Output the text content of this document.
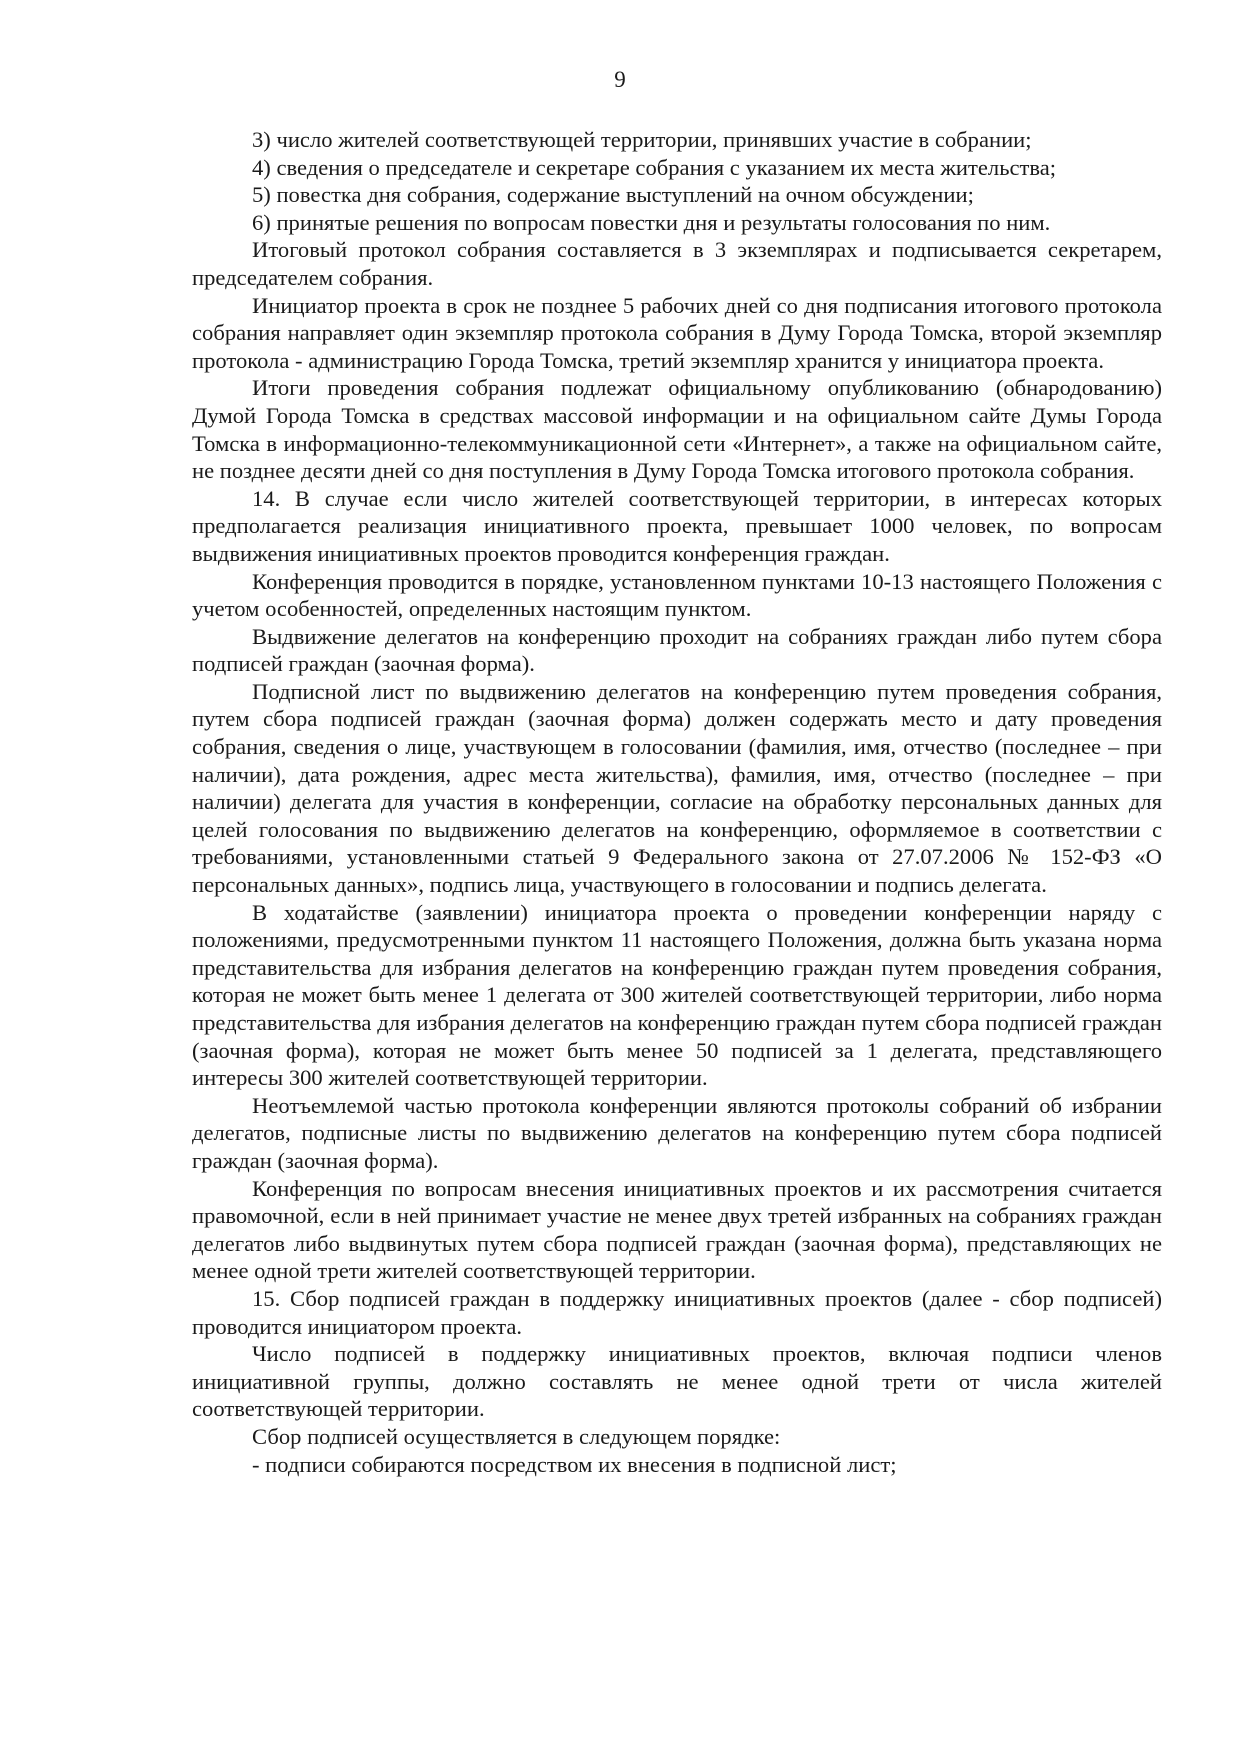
9

3) число жителей соответствующей территории, принявших участие в собрании;

4) сведения о председателе и секретаре собрания с указанием их места жительства;

5) повестка дня собрания, содержание выступлений на очном обсуждении;

6) принятые решения по вопросам повестки дня и результаты голосования по ним.

Итоговый протокол собрания составляется в 3 экземплярах и подписывается секретарем, председателем собрания.

Инициатор проекта в срок не позднее 5 рабочих дней со дня подписания итогового протокола собрания направляет один экземпляр протокола собрания в Думу Города Томска, второй экземпляр протокола - администрацию Города Томска, третий экземпляр хранится у инициатора проекта.

Итоги проведения собрания подлежат официальному опубликованию (обнародованию) Думой Города Томска в средствах массовой информации и на официальном сайте Думы Города Томска в информационно-телекоммуникационной сети «Интернет», а также на официальном сайте, не позднее десяти дней со дня поступления в Думу Города Томска итогового протокола собрания.

14. В случае если число жителей соответствующей территории, в интересах которых предполагается реализация инициативного проекта, превышает 1000 человек, по вопросам выдвижения инициативных проектов проводится конференция граждан.

Конференция проводится в порядке, установленном пунктами 10-13 настоящего Положения с учетом особенностей, определенных настоящим пунктом.

Выдвижение делегатов на конференцию проходит на собраниях граждан либо путем сбора подписей граждан (заочная форма).

Подписной лист по выдвижению делегатов на конференцию путем проведения собрания, путем сбора подписей граждан (заочная форма) должен содержать место и дату проведения собрания, сведения о лице, участвующем в голосовании (фамилия, имя, отчество (последнее – при наличии), дата рождения, адрес места жительства), фамилия, имя, отчество (последнее – при наличии) делегата для участия в конференции, согласие на обработку персональных данных для целей голосования по выдвижению делегатов на конференцию, оформляемое в соответствии с требованиями, установленными статьей 9 Федерального закона от 27.07.2006 № 152-ФЗ «О персональных данных», подпись лица, участвующего в голосовании и подпись делегата.

В ходатайстве (заявлении) инициатора проекта о проведении конференции наряду с положениями, предусмотренными пунктом 11 настоящего Положения, должна быть указана норма представительства для избрания делегатов на конференцию граждан путем проведения собрания, которая не может быть менее 1 делегата от 300 жителей соответствующей территории, либо норма представительства для избрания делегатов на конференцию граждан путем сбора подписей граждан (заочная форма), которая не может быть менее 50 подписей за 1 делегата, представляющего интересы 300 жителей соответствующей территории.

Неотъемлемой частью протокола конференции являются протоколы собраний об избрании делегатов, подписные листы по выдвижению делегатов на конференцию путем сбора подписей граждан (заочная форма).

Конференция по вопросам внесения инициативных проектов и их рассмотрения считается правомочной, если в ней принимает участие не менее двух третей избранных на собраниях граждан делегатов либо выдвинутых путем сбора подписей граждан (заочная форма), представляющих не менее одной трети жителей соответствующей территории.

15. Сбор подписей граждан в поддержку инициативных проектов (далее - сбор подписей) проводится инициатором проекта.

Число подписей в поддержку инициативных проектов, включая подписи членов инициативной группы, должно составлять не менее одной трети от числа жителей соответствующей территории.

Сбор подписей осуществляется в следующем порядке:

- подписи собираются посредством их внесения в подписной лист;
